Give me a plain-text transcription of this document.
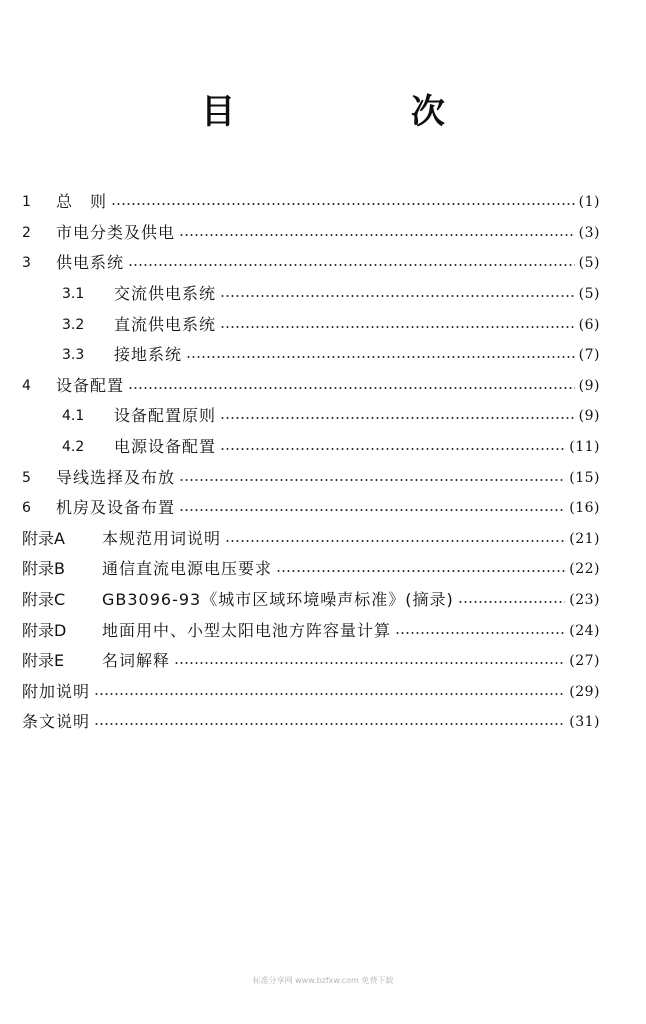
目 次
1	总　则	(1)
2	市电分类及供电	(3)
3	供电系统	(5)
3.1	交流供电系统	(5)
3.2	直流供电系统	(6)
3.3	接地系统	(7)
4	设备配置	(9)
4.1	设备配置原则	(9)
4.2	电源设备配置	(11)
5	导线选择及布放	(15)
6	机房及设备布置	(16)
附录A	本规范用词说明	(21)
附录B	通信直流电源电压要求	(22)
附录C	GB3096-93《城市区域环境噪声标准》(摘录)	(23)
附录D	地面用中、小型太阳电池方阵容量计算	(24)
附录E	名词解释	(27)
附加说明	(29)
条文说明	(31)
标准分享网 www.bzfxw.com 免费下载
